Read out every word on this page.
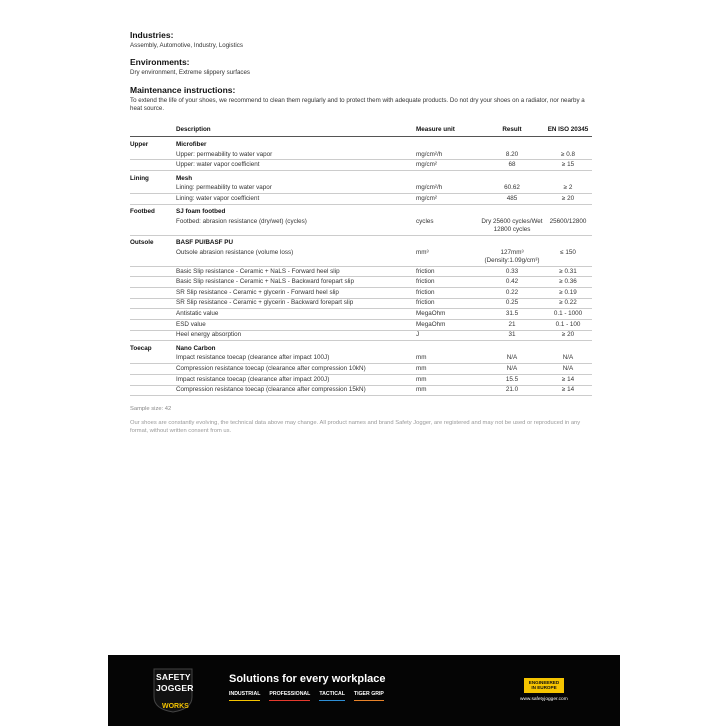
Industries:
Assembly, Automotive, Industry, Logistics
Environments:
Dry environment, Extreme slippery surfaces
Maintenance instructions:
To extend the life of your shoes, we recommend to clean them regularly and to protect them with adequate products. Do not dry your shoes on a radiator, nor nearby a heat source.
	Description	Measure unit	Result	EN ISO 20345
Upper	Microfiber			
	Upper: permeability to water vapor	mg/cm²/h	8.20	≥ 0.8
	Upper: water vapor coefficient	mg/cm²	68	≥ 15
Lining	Mesh			
	Lining: permeability to water vapor	mg/cm²/h	60.62	≥ 2
	Lining: water vapor coefficient	mg/cm²	485	≥ 20
Footbed	SJ foam footbed			
	Footbed: abrasion resistance (dry/wet) (cycles)	cycles	Dry 25600 cycles/Wet 12800 cycles	25600/12800
Outsole	BASF PU/BASF PU			
	Outsole abrasion resistance (volume loss)	mm³	127mm³ (Density:1.09g/cm³)	≤ 150
	Basic Slip resistance - Ceramic + NaLS - Forward heel slip	friction	0.33	≥ 0.31
	Basic Slip resistance - Ceramic + NaLS - Backward forepart slip	friction	0.42	≥ 0.36
	SR Slip resistance - Ceramic + glycerin - Forward heel slip	friction	0.22	≥ 0.19
	SR Slip resistance - Ceramic + glycerin - Backward forepart slip	friction	0.25	≥ 0.22
	Antistatic value	MegaOhm	31.5	0.1 - 1000
	ESD value	MegaOhm	21	0.1 - 100
	Heel energy absorption	J	31	≥ 20
Toecap	Nano Carbon			
	Impact resistance toecap (clearance after impact 100J)	mm	N/A	N/A
	Compression resistance toecap (clearance after compression 10kN)	mm	N/A	N/A
	Impact resistance toecap (clearance after impact 200J)	mm	15.5	≥ 14
	Compression resistance toecap (clearance after compression 15kN)	mm	21.0	≥ 14
Sample size: 42
Our shoes are constantly evolving, the technical data above may change. All product names and brand Safety Jogger, are registered and may not be used or reproduced in any format, without written consent from us.
SAFETY
JOGGER
WORKS
Solutions for every workplace
INDUSTRIAL PROFESSIONAL TACTICAL TIGER GRIP
ENGINEERED
IN EUROPE
www.safetyjogger.com
